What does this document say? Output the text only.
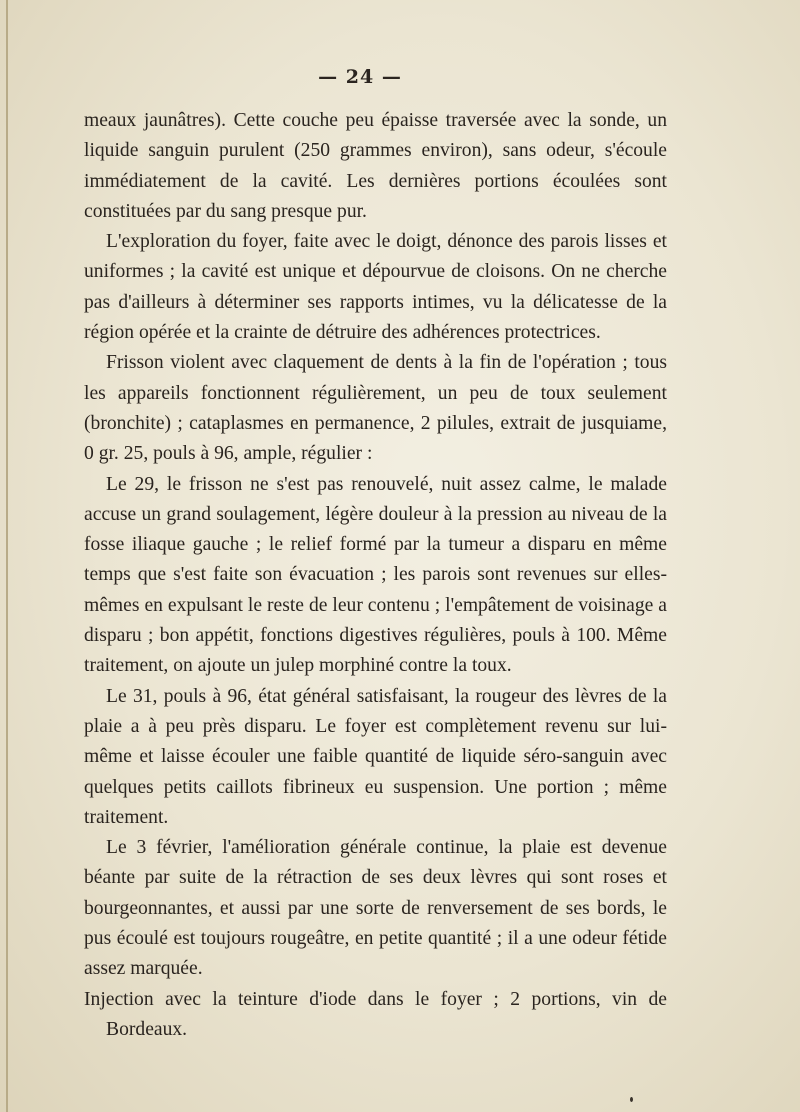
— 24 —

meaux jaunâtres). Cette couche peu épaisse traversée avec la sonde, un liquide sanguin purulent (250 grammes environ), sans odeur, s'écoule immédiatement de la cavité. Les dernières portions écoulées sont constituées par du sang presque pur.

L'exploration du foyer, faite avec le doigt, dénonce des parois lisses et uniformes ; la cavité est unique et dépourvue de cloisons. On ne cherche pas d'ailleurs à déterminer ses rapports intimes, vu la délicatesse de la région opérée et la crainte de détruire des adhérences protectrices.

Frisson violent avec claquement de dents à la fin de l'opération ; tous les appareils fonctionnent régulièrement, un peu de toux seulement (bronchite) ; cataplasmes en permanence, 2 pilules, extrait de jusquiame, 0 gr. 25, pouls à 96, ample, régulier :

Le 29, le frisson ne s'est pas renouvelé, nuit assez calme, le malade accuse un grand soulagement, légère douleur à la pression au niveau de la fosse iliaque gauche ; le relief formé par la tumeur a disparu en même temps que s'est faite son évacuation ; les parois sont revenues sur elles-mêmes en expulsant le reste de leur contenu ; l'empâtement de voisinage a disparu ; bon appétit, fonctions digestives régulières, pouls à 100. Même traitement, on ajoute un julep morphiné contre la toux.

Le 31, pouls à 96, état général satisfaisant, la rougeur des lèvres de la plaie a à peu près disparu. Le foyer est complètement revenu sur lui-même et laisse écouler une faible quantité de liquide séro-sanguin avec quelques petits caillots fibrineux eu suspension. Une portion ; même traitement.

Le 3 février, l'amélioration générale continue, la plaie est devenue béante par suite de la rétraction de ses deux lèvres qui sont roses et bourgeonnantes, et aussi par une sorte de renversement de ses bords, le pus écoulé est toujours rougeâtre, en petite quantité ; il a une odeur fétide assez marquée.

Injection avec la teinture d'iode dans le foyer ; 2 portions, vin de Bordeaux.
